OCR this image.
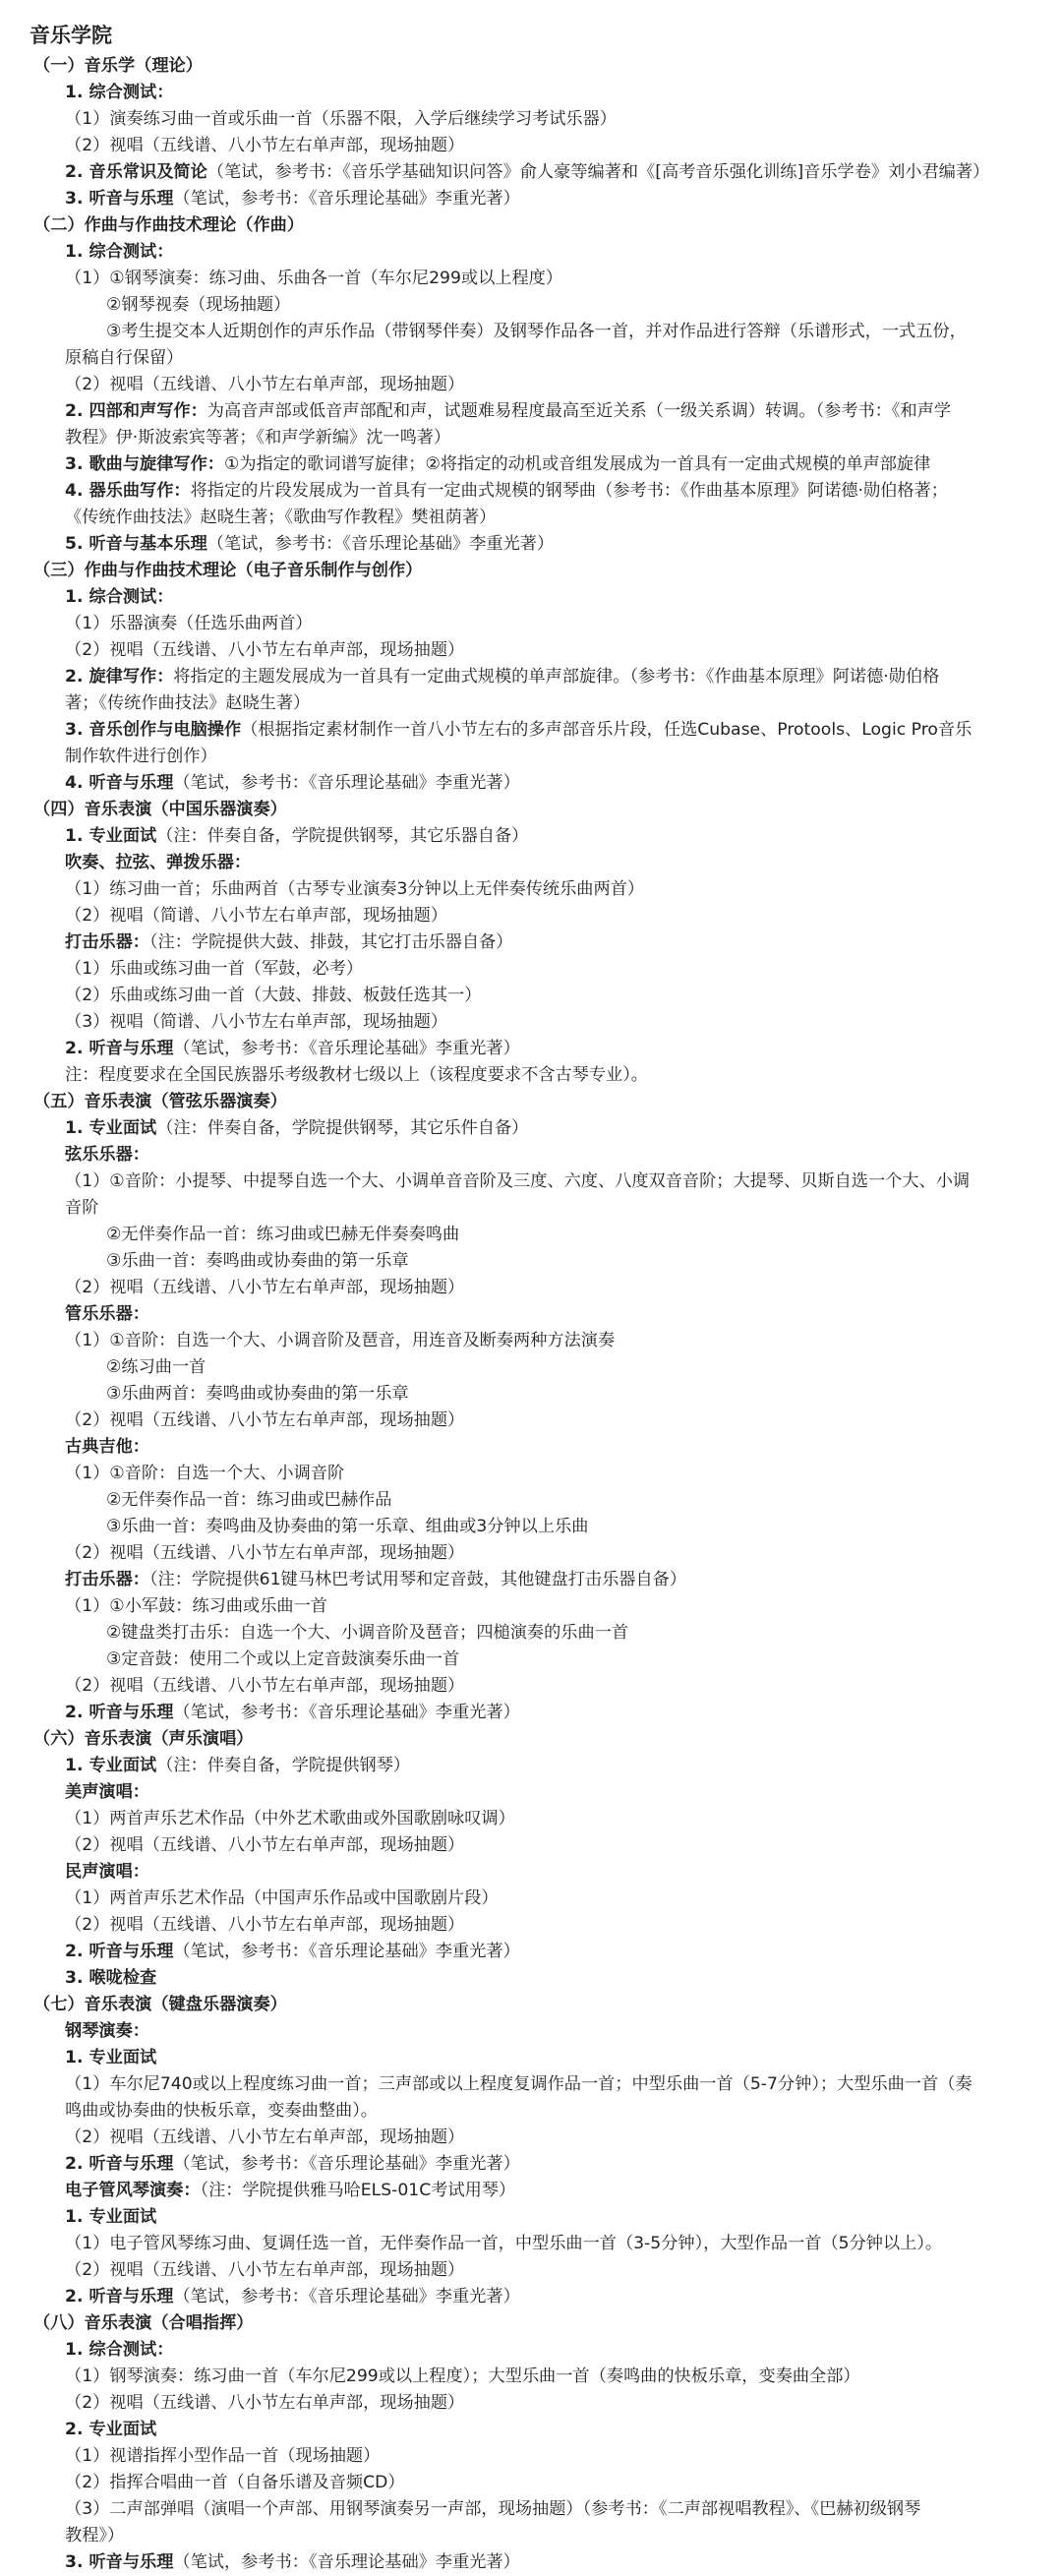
音乐学院
（一）音乐学（理论）
1. 综合测试：
（1）演奏练习曲一首或乐曲一首（乐器不限，入学后继续学习考试乐器）
（2）视唱（五线谱、八小节左右单声部，现场抽题）
2. 音乐常识及简论（笔试，参考书：《音乐学基础知识问答》俞人豪等编著和《[高考音乐强化训练]音乐学卷》刘小君编著）
3. 听音与乐理（笔试，参考书：《音乐理论基础》李重光著）
（二）作曲与作曲技术理论（作曲）
1. 综合测试：
（1）①钢琴演奏：练习曲、乐曲各一首（车尔尼299或以上程度）
②钢琴视奏（现场抽题）
③考生提交本人近期创作的声乐作品（带钢琴伴奏）及钢琴作品各一首，并对作品进行答辩（乐谱形式，一式五份，
原稿自行保留）
（2）视唱（五线谱、八小节左右单声部，现场抽题）
2. 四部和声写作：为高音声部或低音声部配和声，试题难易程度最高至近关系（一级关系调）转调。（参考书：《和声学
教程》伊·斯波索宾等著；《和声学新编》沈一鸣著）
3. 歌曲与旋律写作：①为指定的歌词谱写旋律；②将指定的动机或音组发展成为一首具有一定曲式规模的单声部旋律
4. 器乐曲写作：将指定的片段发展成为一首具有一定曲式规模的钢琴曲（参考书：《作曲基本原理》阿诺德·勋伯格著；
《传统作曲技法》赵晓生著；《歌曲写作教程》樊祖荫著）
5. 听音与基本乐理（笔试，参考书：《音乐理论基础》李重光著）
（三）作曲与作曲技术理论（电子音乐制作与创作）
1. 综合测试：
（1）乐器演奏（任选乐曲两首）
（2）视唱（五线谱、八小节左右单声部，现场抽题）
2. 旋律写作：将指定的主题发展成为一首具有一定曲式规模的单声部旋律。（参考书：《作曲基本原理》阿诺德·勋伯格
著；《传统作曲技法》赵晓生著）
3. 音乐创作与电脑操作（根据指定素材制作一首八小节左右的多声部音乐片段，任选Cubase、Protools、Logic Pro音乐
制作软件进行创作）
4. 听音与乐理（笔试，参考书：《音乐理论基础》李重光著）
（四）音乐表演（中国乐器演奏）
1. 专业面试（注：伴奏自备，学院提供钢琴，其它乐器自备）
吹奏、拉弦、弹拨乐器：
（1）练习曲一首；乐曲两首（古琴专业演奏3分钟以上无伴奏传统乐曲两首）
（2）视唱（简谱、八小节左右单声部，现场抽题）
打击乐器：（注：学院提供大鼓、排鼓，其它打击乐器自备）
（1）乐曲或练习曲一首（军鼓，必考）
（2）乐曲或练习曲一首（大鼓、排鼓、板鼓任选其一）
（3）视唱（简谱、八小节左右单声部，现场抽题）
2. 听音与乐理（笔试，参考书：《音乐理论基础》李重光著）
注：程度要求在全国民族器乐考级教材七级以上（该程度要求不含古琴专业）。
（五）音乐表演（管弦乐器演奏）
1. 专业面试（注：伴奏自备，学院提供钢琴，其它乐件自备）
弦乐乐器：
（1）①音阶：小提琴、中提琴自选一个大、小调单音音阶及三度、六度、八度双音音阶；大提琴、贝斯自选一个大、小调
音阶
②无伴奏作品一首：练习曲或巴赫无伴奏奏鸣曲
③乐曲一首：奏鸣曲或协奏曲的第一乐章
（2）视唱（五线谱、八小节左右单声部，现场抽题）
管乐乐器：
（1）①音阶：自选一个大、小调音阶及琶音，用连音及断奏两种方法演奏
②练习曲一首
③乐曲两首：奏鸣曲或协奏曲的第一乐章
（2）视唱（五线谱、八小节左右单声部，现场抽题）
古典吉他：
（1）①音阶：自选一个大、小调音阶
②无伴奏作品一首：练习曲或巴赫作品
③乐曲一首：奏鸣曲及协奏曲的第一乐章、组曲或3分钟以上乐曲
（2）视唱（五线谱、八小节左右单声部，现场抽题）
打击乐器：（注：学院提供61键马林巴考试用琴和定音鼓，其他键盘打击乐器自备）
（1）①小军鼓：练习曲或乐曲一首
②键盘类打击乐：自选一个大、小调音阶及琶音；四槌演奏的乐曲一首
③定音鼓：使用二个或以上定音鼓演奏乐曲一首
（2）视唱（五线谱、八小节左右单声部，现场抽题）
2. 听音与乐理（笔试，参考书：《音乐理论基础》李重光著）
（六）音乐表演（声乐演唱）
1. 专业面试（注：伴奏自备，学院提供钢琴）
美声演唱：
（1）两首声乐艺术作品（中外艺术歌曲或外国歌剧咏叹调）
（2）视唱（五线谱、八小节左右单声部，现场抽题）
民声演唱：
（1）两首声乐艺术作品（中国声乐作品或中国歌剧片段）
（2）视唱（五线谱、八小节左右单声部，现场抽题）
2. 听音与乐理（笔试，参考书：《音乐理论基础》李重光著）
3. 喉咙检查
（七）音乐表演（键盘乐器演奏）
钢琴演奏：
1. 专业面试
（1）车尔尼740或以上程度练习曲一首；三声部或以上程度复调作品一首；中型乐曲一首（5-7分钟）；大型乐曲一首（奏
鸣曲或协奏曲的快板乐章，变奏曲整曲）。
（2）视唱（五线谱、八小节左右单声部，现场抽题）
2. 听音与乐理（笔试，参考书：《音乐理论基础》李重光著）
电子管风琴演奏：（注：学院提供雅马哈ELS-01C考试用琴）
1. 专业面试
（1）电子管风琴练习曲、复调任选一首，无伴奏作品一首，中型乐曲一首（3-5分钟），大型作品一首（5分钟以上）。
（2）视唱（五线谱、八小节左右单声部，现场抽题）
2. 听音与乐理（笔试，参考书：《音乐理论基础》李重光著）
（八）音乐表演（合唱指挥）
1. 综合测试：
（1）钢琴演奏：练习曲一首（车尔尼299或以上程度）；大型乐曲一首（奏鸣曲的快板乐章，变奏曲全部）
（2）视唱（五线谱、八小节左右单声部，现场抽题）
2. 专业面试
（1）视谱指挥小型作品一首（现场抽题）
（2）指挥合唱曲一首（自备乐谱及音频CD）
（3）二声部弹唱（演唱一个声部、用钢琴演奏另一声部，现场抽题）（参考书：《二声部视唱教程》、《巴赫初级钢琴
教程》）
3. 听音与乐理（笔试，参考书：《音乐理论基础》李重光著）
